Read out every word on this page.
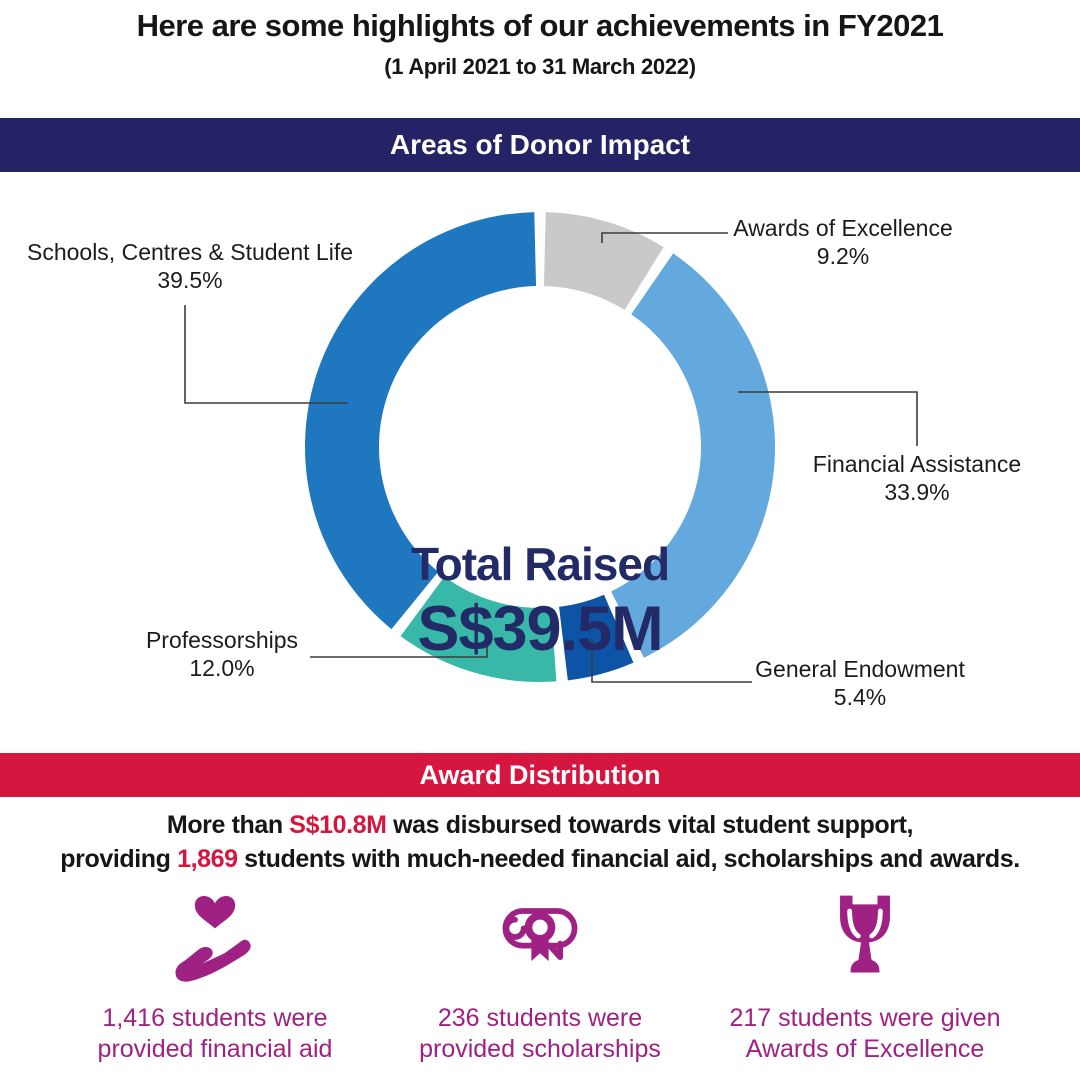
Here are some highlights of our achievements in FY2021
(1 April 2021 to 31 March 2022)
Areas of Donor Impact
Total Raised
S$39.5M
Awards of Excellence
9.2%
Financial Assistance
33.9%
General Endowment
5.4%
Professorships
12.0%
Schools, Centres & Student Life
39.5%
Award Distribution
More than S$10.8M was disbursed towards vital student support,
providing 1,869 students with much-needed financial aid, scholarships and awards.
1,416 students were
provided financial aid
236 students were
provided scholarships
217 students were given
Awards of Excellence
